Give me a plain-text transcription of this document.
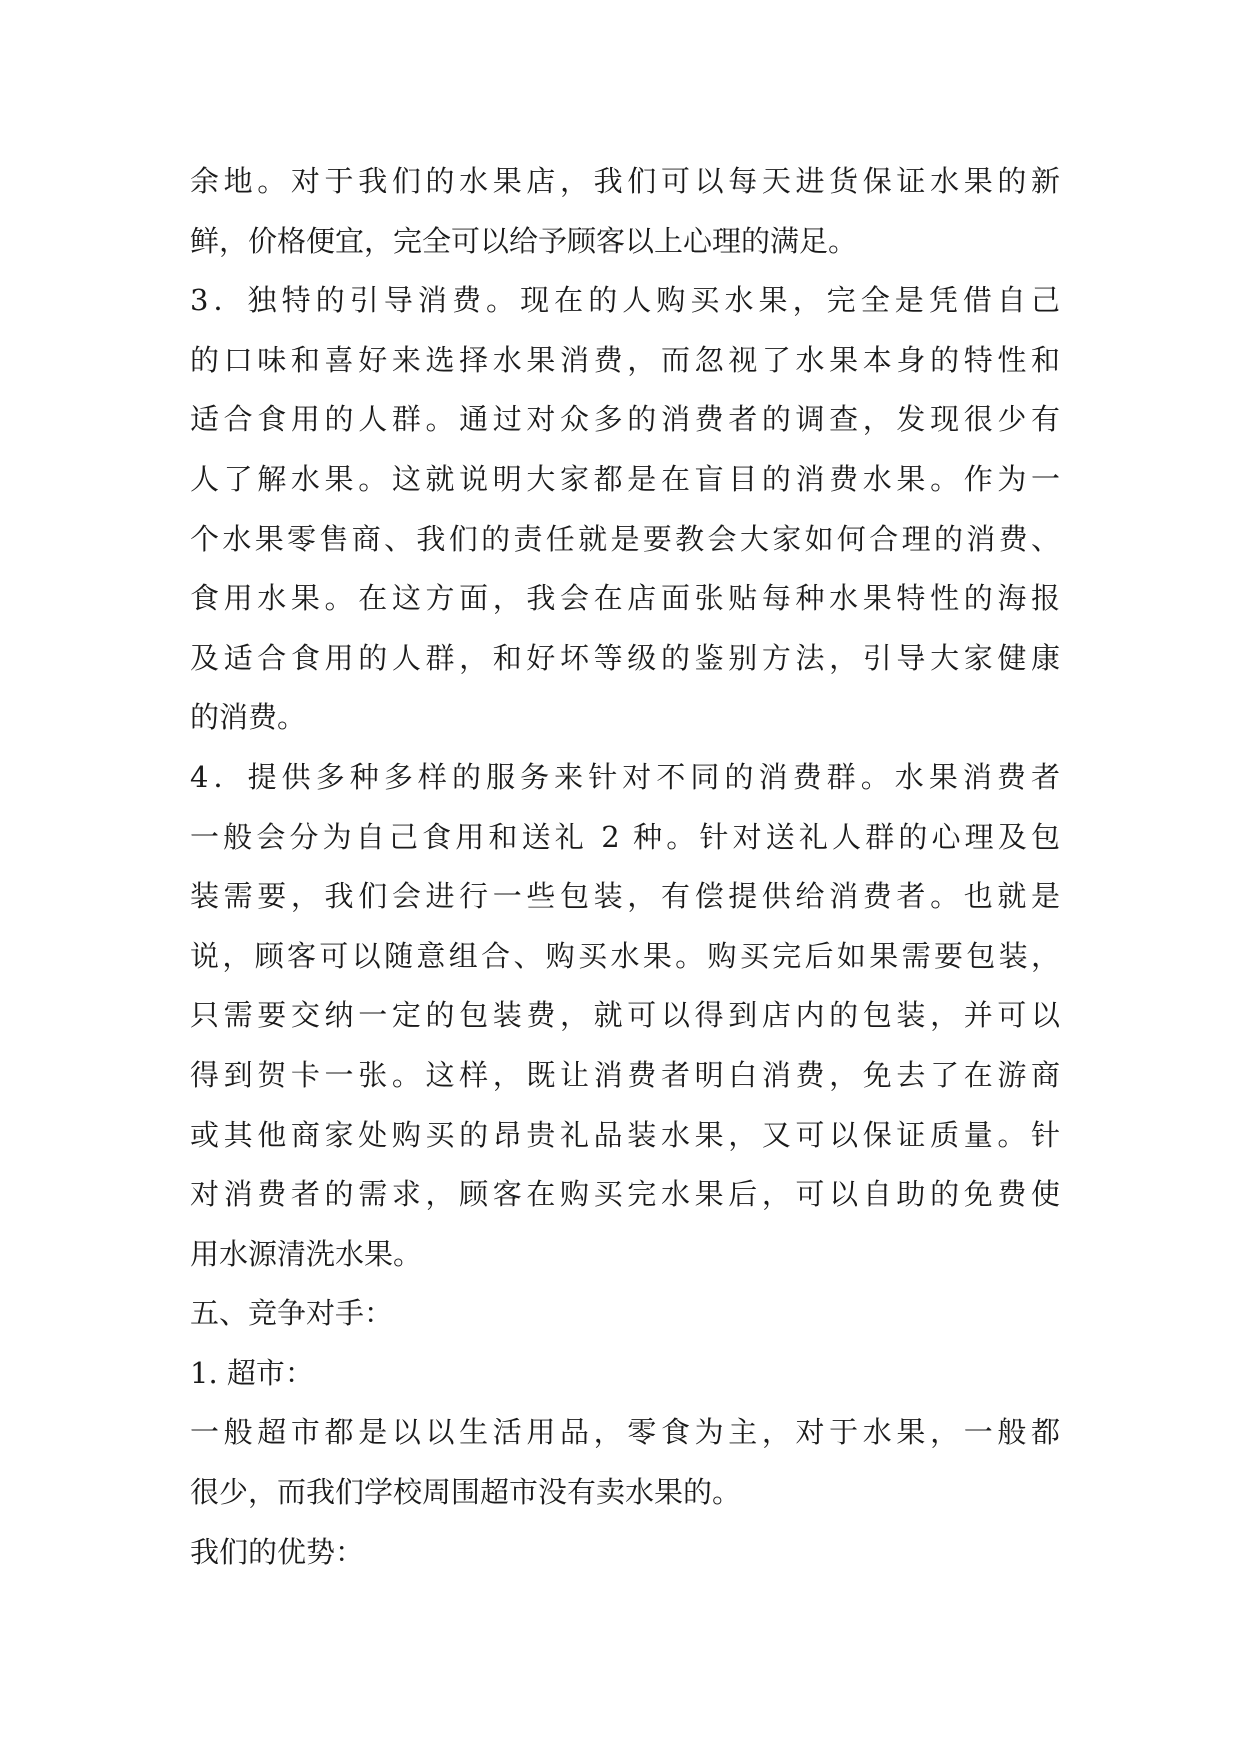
余地。对于我们的水果店，我们可以每天进货保证水果的新
鲜，价格便宜，完全可以给予顾客以上心理的满足。
3．独特的引导消费。现在的人购买水果，完全是凭借自己
的口味和喜好来选择水果消费，而忽视了水果本身的特性和
适合食用的人群。通过对众多的消费者的调查，发现很少有
人了解水果。这就说明大家都是在盲目的消费水果。作为一
个水果零售商、我们的责任就是要教会大家如何合理的消费、
食用水果。在这方面，我会在店面张贴每种水果特性的海报
及适合食用的人群，和好坏等级的鉴别方法，引导大家健康
的消费。
4．提供多种多样的服务来针对不同的消费群。水果消费者
一般会分为自己食用和送礼 2 种。针对送礼人群的心理及包
装需要，我们会进行一些包装，有偿提供给消费者。也就是
说，顾客可以随意组合、购买水果。购买完后如果需要包装，
只需要交纳一定的包装费，就可以得到店内的包装，并可以
得到贺卡一张。这样，既让消费者明白消费，免去了在游商
或其他商家处购买的昂贵礼品装水果，又可以保证质量。针
对消费者的需求，顾客在购买完水果后，可以自助的免费使
用水源清洗水果。
五、竞争对手：
1. 超市：
一般超市都是以以生活用品，零食为主，对于水果，一般都
很少，而我们学校周围超市没有卖水果的。
我们的优势：
